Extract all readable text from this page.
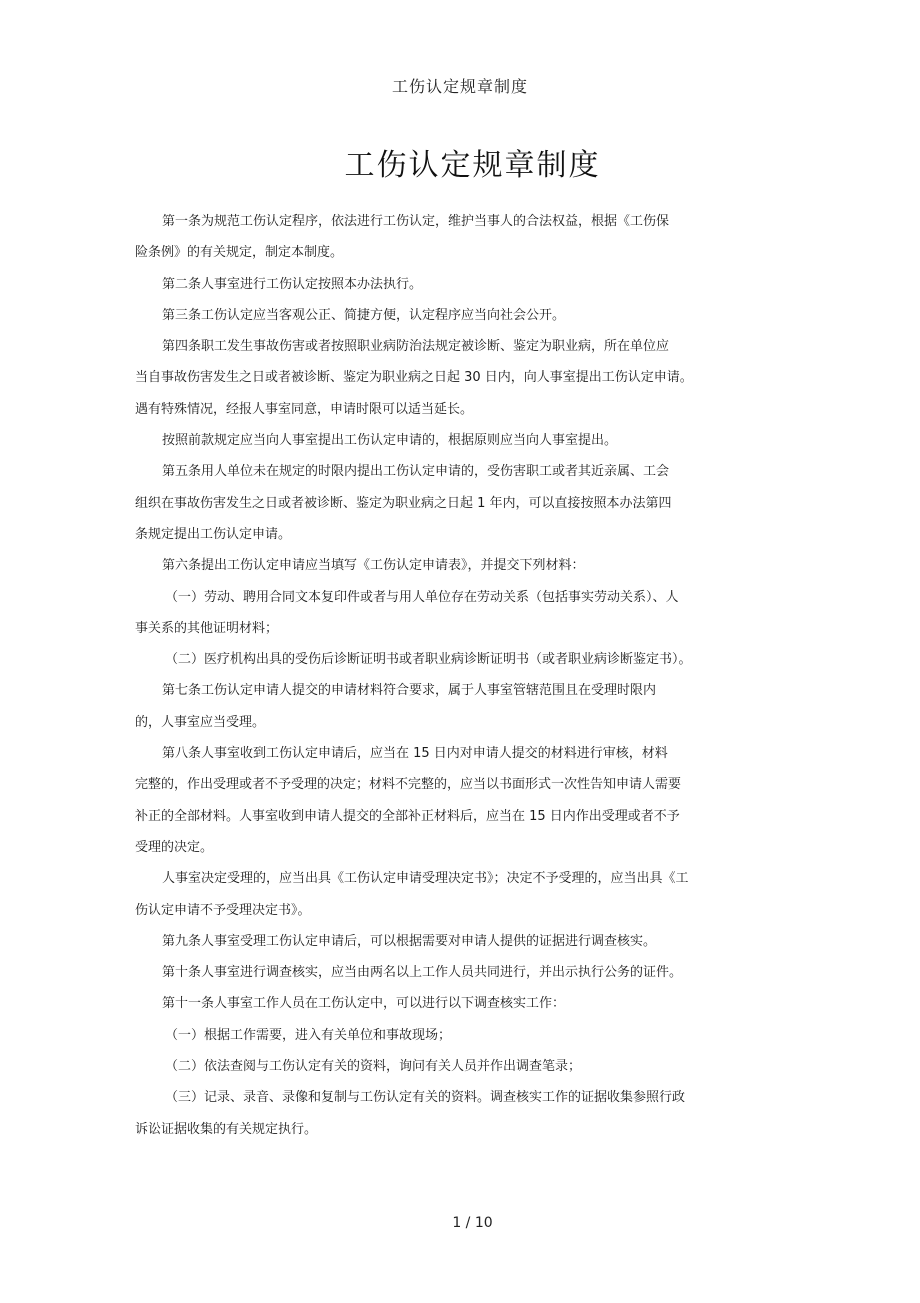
工伤认定规章制度
工伤认定规章制度
第一条为规范工伤认定程序，依法进行工伤认定，维护当事人的合法权益，根据《工伤保
险条例》的有关规定，制定本制度。
第二条人事室进行工伤认定按照本办法执行。
第三条工伤认定应当客观公正、简捷方便，认定程序应当向社会公开。
第四条职工发生事故伤害或者按照职业病防治法规定被诊断、鉴定为职业病，所在单位应
当自事故伤害发生之日或者被诊断、鉴定为职业病之日起 30 日内，向人事室提出工伤认定申请。
遇有特殊情况，经报人事室同意，申请时限可以适当延长。
按照前款规定应当向人事室提出工伤认定申请的，根据原则应当向人事室提出。
第五条用人单位未在规定的时限内提出工伤认定申请的，受伤害职工或者其近亲属、工会
组织在事故伤害发生之日或者被诊断、鉴定为职业病之日起 1 年内，可以直接按照本办法第四
条规定提出工伤认定申请。
第六条提出工伤认定申请应当填写《工伤认定申请表》，并提交下列材料：
（一）劳动、聘用合同文本复印件或者与用人单位存在劳动关系（包括事实劳动关系）、人
事关系的其他证明材料；
（二）医疗机构出具的受伤后诊断证明书或者职业病诊断证明书（或者职业病诊断鉴定书）。
第七条工伤认定申请人提交的申请材料符合要求，属于人事室管辖范围且在受理时限内
的，人事室应当受理。
第八条人事室收到工伤认定申请后，应当在 15 日内对申请人提交的材料进行审核，材料
完整的，作出受理或者不予受理的决定；材料不完整的，应当以书面形式一次性告知申请人需要
补正的全部材料。人事室收到申请人提交的全部补正材料后，应当在 15 日内作出受理或者不予
受理的决定。
人事室决定受理的，应当出具《工伤认定申请受理决定书》；决定不予受理的，应当出具《工
伤认定申请不予受理决定书》。
第九条人事室受理工伤认定申请后，可以根据需要对申请人提供的证据进行调查核实。
第十条人事室进行调查核实，应当由两名以上工作人员共同进行，并出示执行公务的证件。
第十一条人事室工作人员在工伤认定中，可以进行以下调查核实工作：
（一）根据工作需要，进入有关单位和事故现场；
（二）依法查阅与工伤认定有关的资料，询问有关人员并作出调查笔录；
（三）记录、录音、录像和复制与工伤认定有关的资料。调查核实工作的证据收集参照行政
诉讼证据收集的有关规定执行。
1 / 10
